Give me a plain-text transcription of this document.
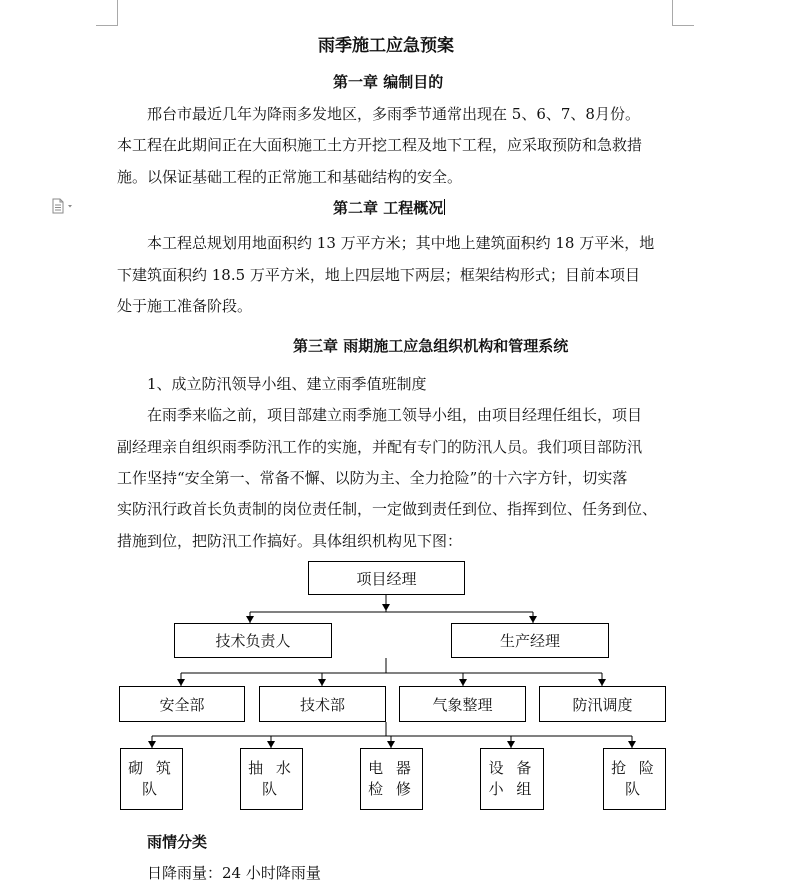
雨季施工应急预案
第一章 编制目的
邢台市最近几年为降雨多发地区，多雨季节通常出现在 5、6、7、8月份。
本工程在此期间正在大面积施工土方开挖工程及地下工程，应采取预防和急救措
施。以保证基础工程的正常施工和基础结构的安全。
第二章 工程概况
本工程总规划用地面积约 13 万平方米；其中地上建筑面积约 18 万平米，地
下建筑面积约 18.5 万平方米，地上四层地下两层；框架结构形式；目前本项目
处于施工准备阶段。
第三章 雨期施工应急组织机构和管理系统
1、成立防汛领导小组、建立雨季值班制度
在雨季来临之前，项目部建立雨季施工领导小组，由项目经理任组长，项目
副经理亲自组织雨季防汛工作的实施，并配有专门的防汛人员。我们项目部防汛
工作坚持“安全第一、常备不懈、以防为主、全力抢险”的十六字方针，切实落
实防汛行政首长负责制的岗位责任制，一定做到责任到位、指挥到位、任务到位、
措施到位，把防汛工作搞好。具体组织机构见下图：
项目经理
技术负责人	生产经理
安全部	技术部	气象整理	防汛调度
砌 筑
队
抽 水
队
电 器
检 修
设 备
小 组
抢 险
队
雨情分类
日降雨量：24 小时降雨量
